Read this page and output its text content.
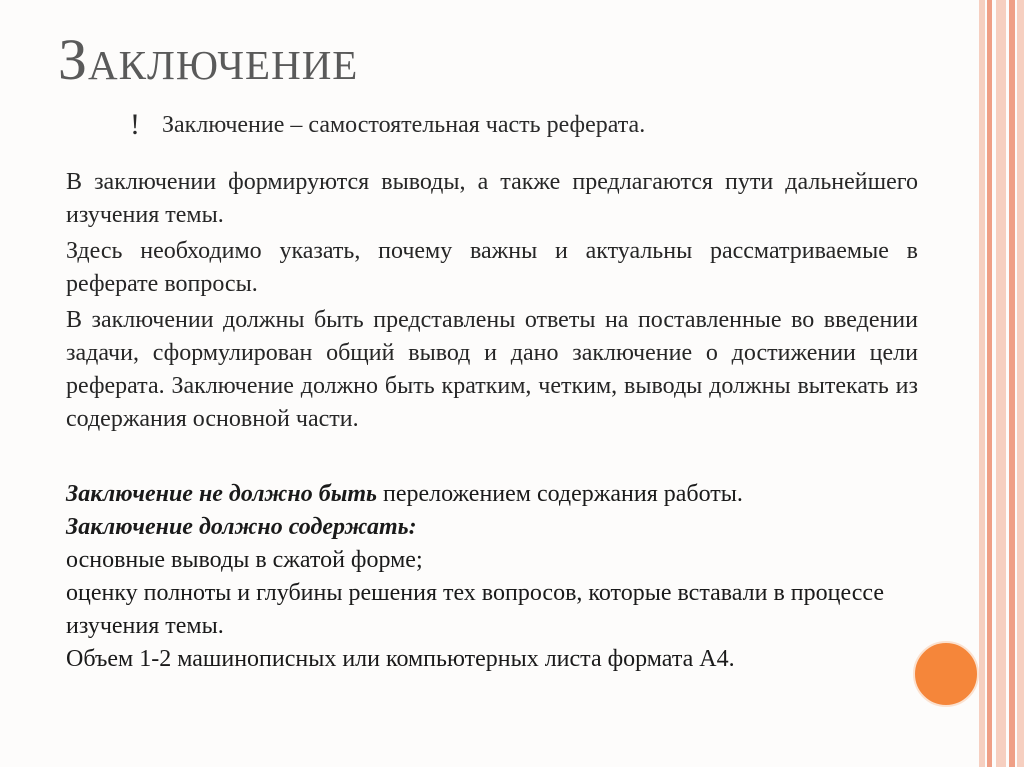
Заключение
! Заключение – самостоятельная часть реферата.

В заключении формируются выводы, а также предлагаются пути дальнейшего изучения темы.

Здесь необходимо указать, почему важны и актуальны рассматриваемые в реферате вопросы.

В заключении должны быть представлены ответы на поставленные во введении задачи, сформулирован общий вывод и дано заключение о достижении цели реферата. Заключение должно быть кратким, четким, выводы должны вытекать из содержания основной части.

Заключение не должно быть переложением содержания работы.

Заключение должно содержать:

основные выводы в сжатой форме;

оценку полноты и глубины решения тех вопросов, которые вставали в процессе изучения темы.

Объем 1-2 машинописных или компьютерных листа формата А4.
